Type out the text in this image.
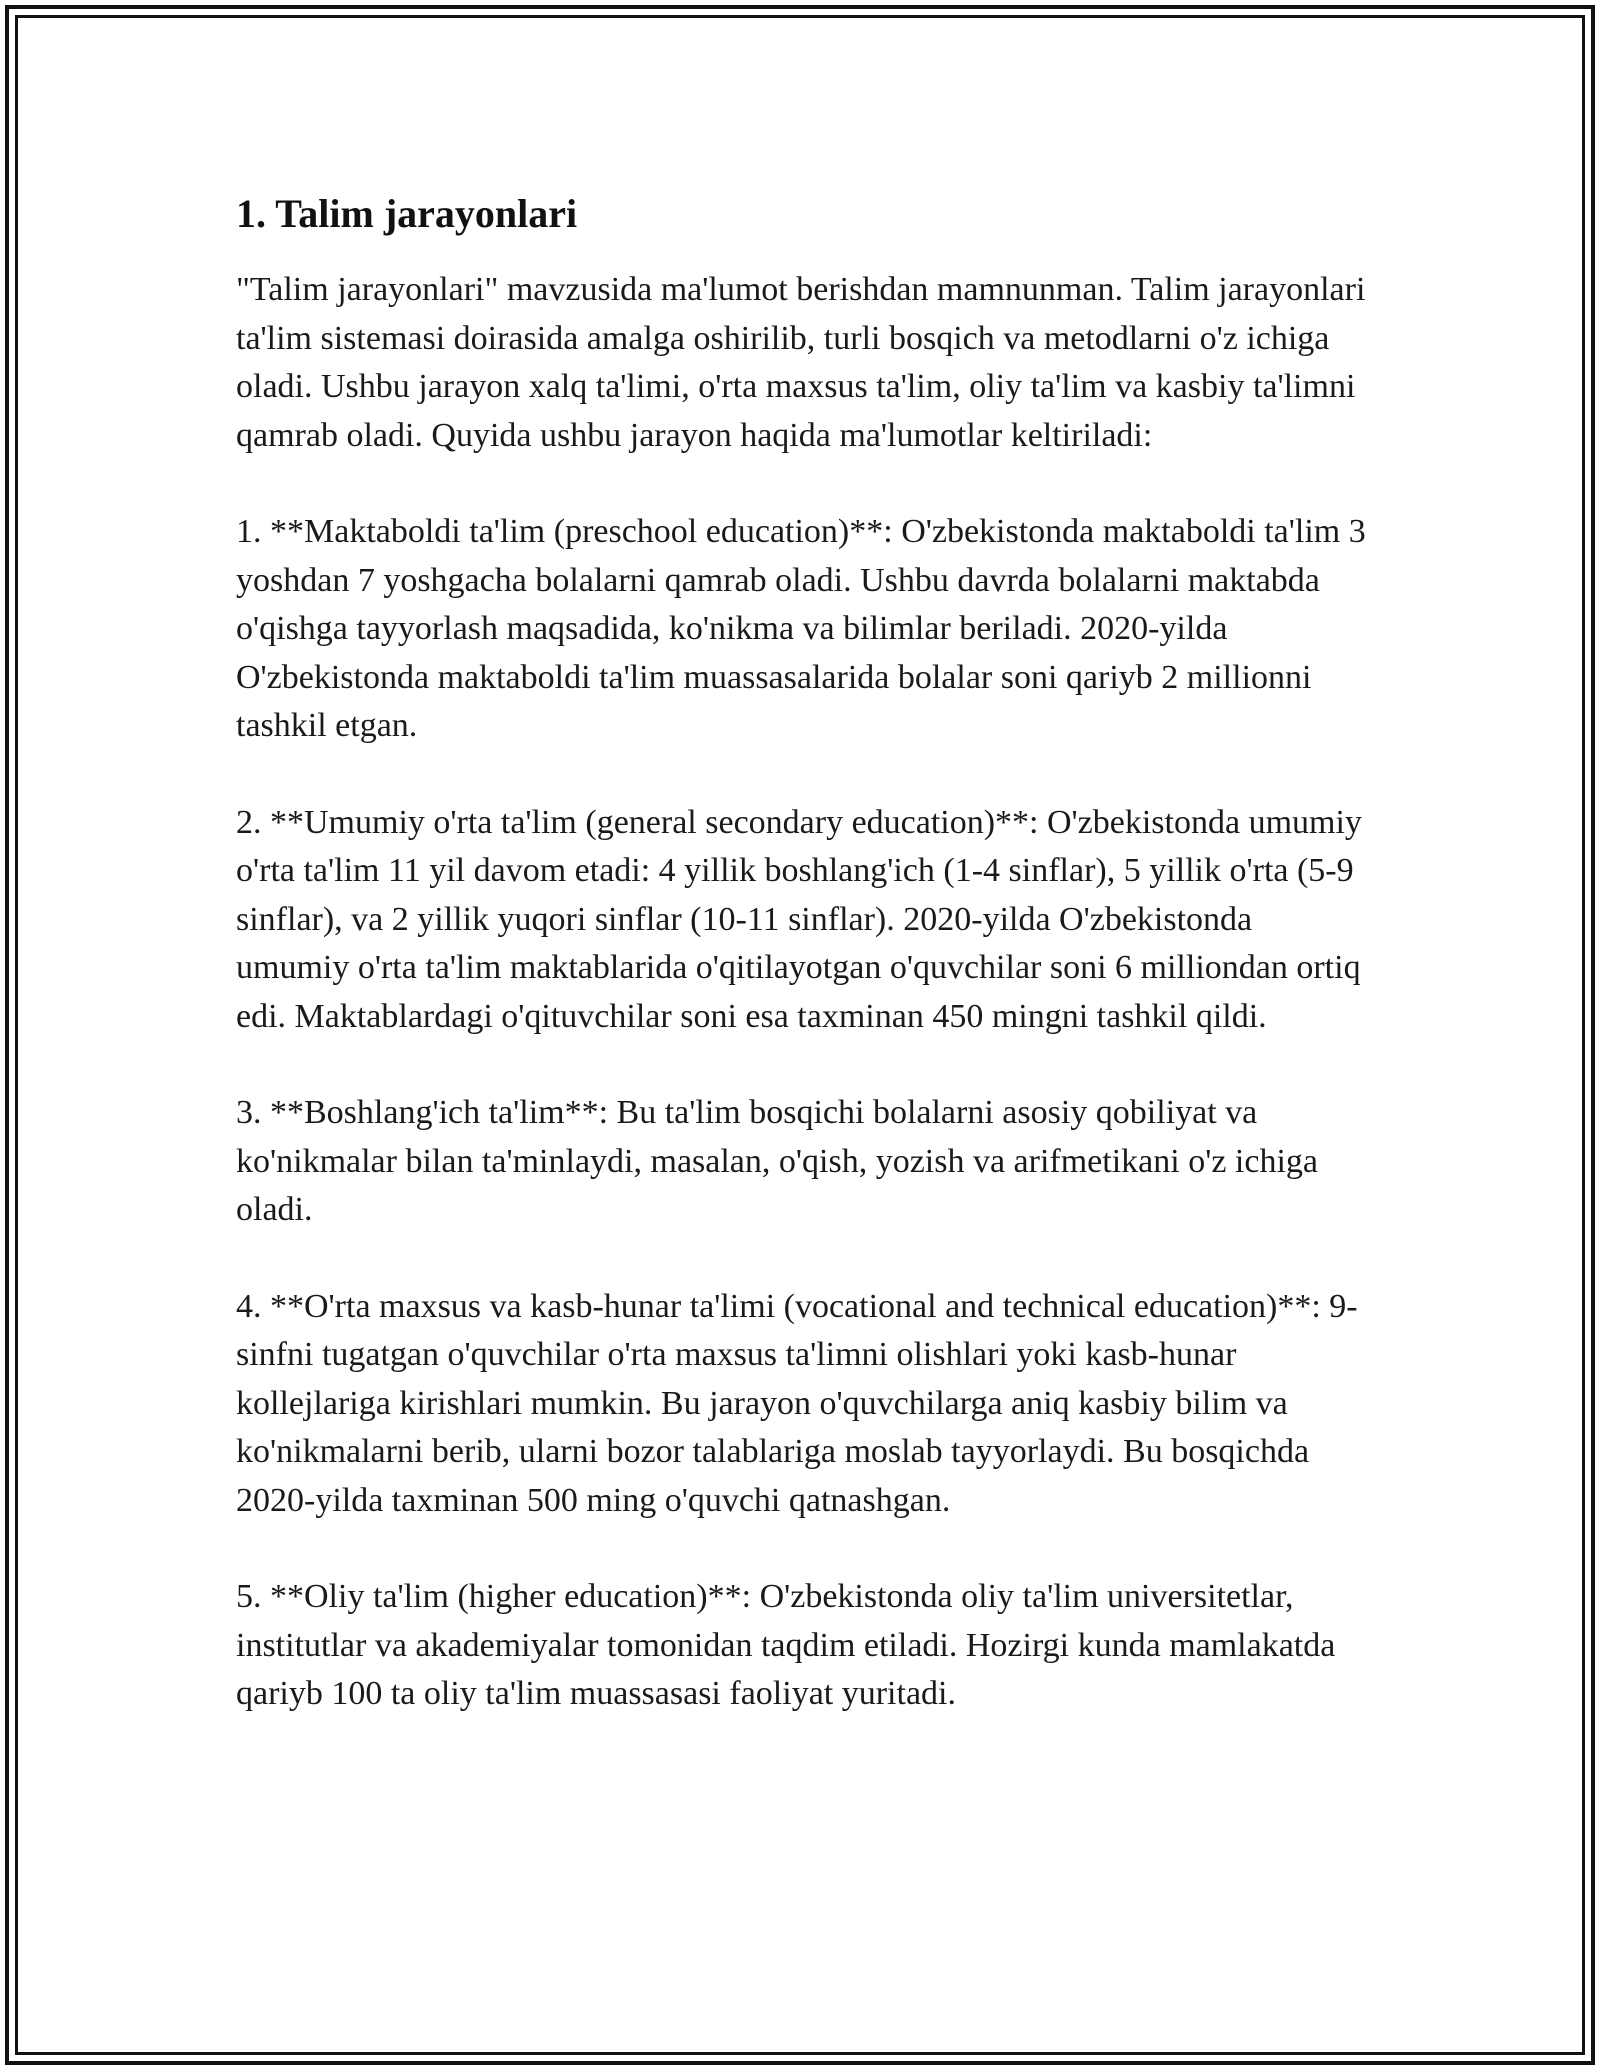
1. Talim jarayonlari

"Talim jarayonlari" mavzusida ma'lumot berishdan mamnunman. Talim jarayonlari ta'lim sistemasi doirasida amalga oshirilib, turli bosqich va metodlarni o'z ichiga oladi. Ushbu jarayon xalq ta'limi, o'rta maxsus ta'lim, oliy ta'lim va kasbiy ta'limni qamrab oladi. Quyida ushbu jarayon haqida ma'lumotlar keltiriladi:

1. **Maktaboldi ta'lim (preschool education)**: O'zbekistonda maktaboldi ta'lim 3 yoshdan 7 yoshgacha bolalarni qamrab oladi. Ushbu davrda bolalarni maktabda o'qishga tayyorlash maqsadida, ko'nikma va bilimlar beriladi. 2020-yilda O'zbekistonda maktaboldi ta'lim muassasalarida bolalar soni qariyb 2 millionni tashkil etgan.

2. **Umumiy o'rta ta'lim (general secondary education)**: O'zbekistonda umumiy o'rta ta'lim 11 yil davom etadi: 4 yillik boshlang'ich (1-4 sinflar), 5 yillik o'rta (5-9 sinflar), va 2 yillik yuqori sinflar (10-11 sinflar). 2020-yilda O'zbekistonda umumiy o'rta ta'lim maktablarida o'qitilayotgan o'quvchilar soni 6 milliondan ortiq edi. Maktablardagi o'qituvchilar soni esa taxminan 450 mingni tashkil qildi.

3. **Boshlang'ich ta'lim**: Bu ta'lim bosqichi bolalarni asosiy qobiliyat va ko'nikmalar bilan ta'minlaydi, masalan, o'qish, yozish va arifmetikani o'z ichiga oladi.

4. **O'rta maxsus va kasb-hunar ta'limi (vocational and technical education)**: 9-sinfni tugatgan o'quvchilar o'rta maxsus ta'limni olishlari yoki kasb-hunar kollejlariga kirishlari mumkin. Bu jarayon o'quvchilarga aniq kasbiy bilim va ko'nikmalarni berib, ularni bozor talablariga moslab tayyorlaydi. Bu bosqichda 2020-yilda taxminan 500 ming o'quvchi qatnashgan.

5. **Oliy ta'lim (higher education)**: O'zbekistonda oliy ta'lim universitetlar, institutlar va akademiyalar tomonidan taqdim etiladi. Hozirgi kunda mamlakatda qariyb 100 ta oliy ta'lim muassasasi faoliyat yuritadi.
